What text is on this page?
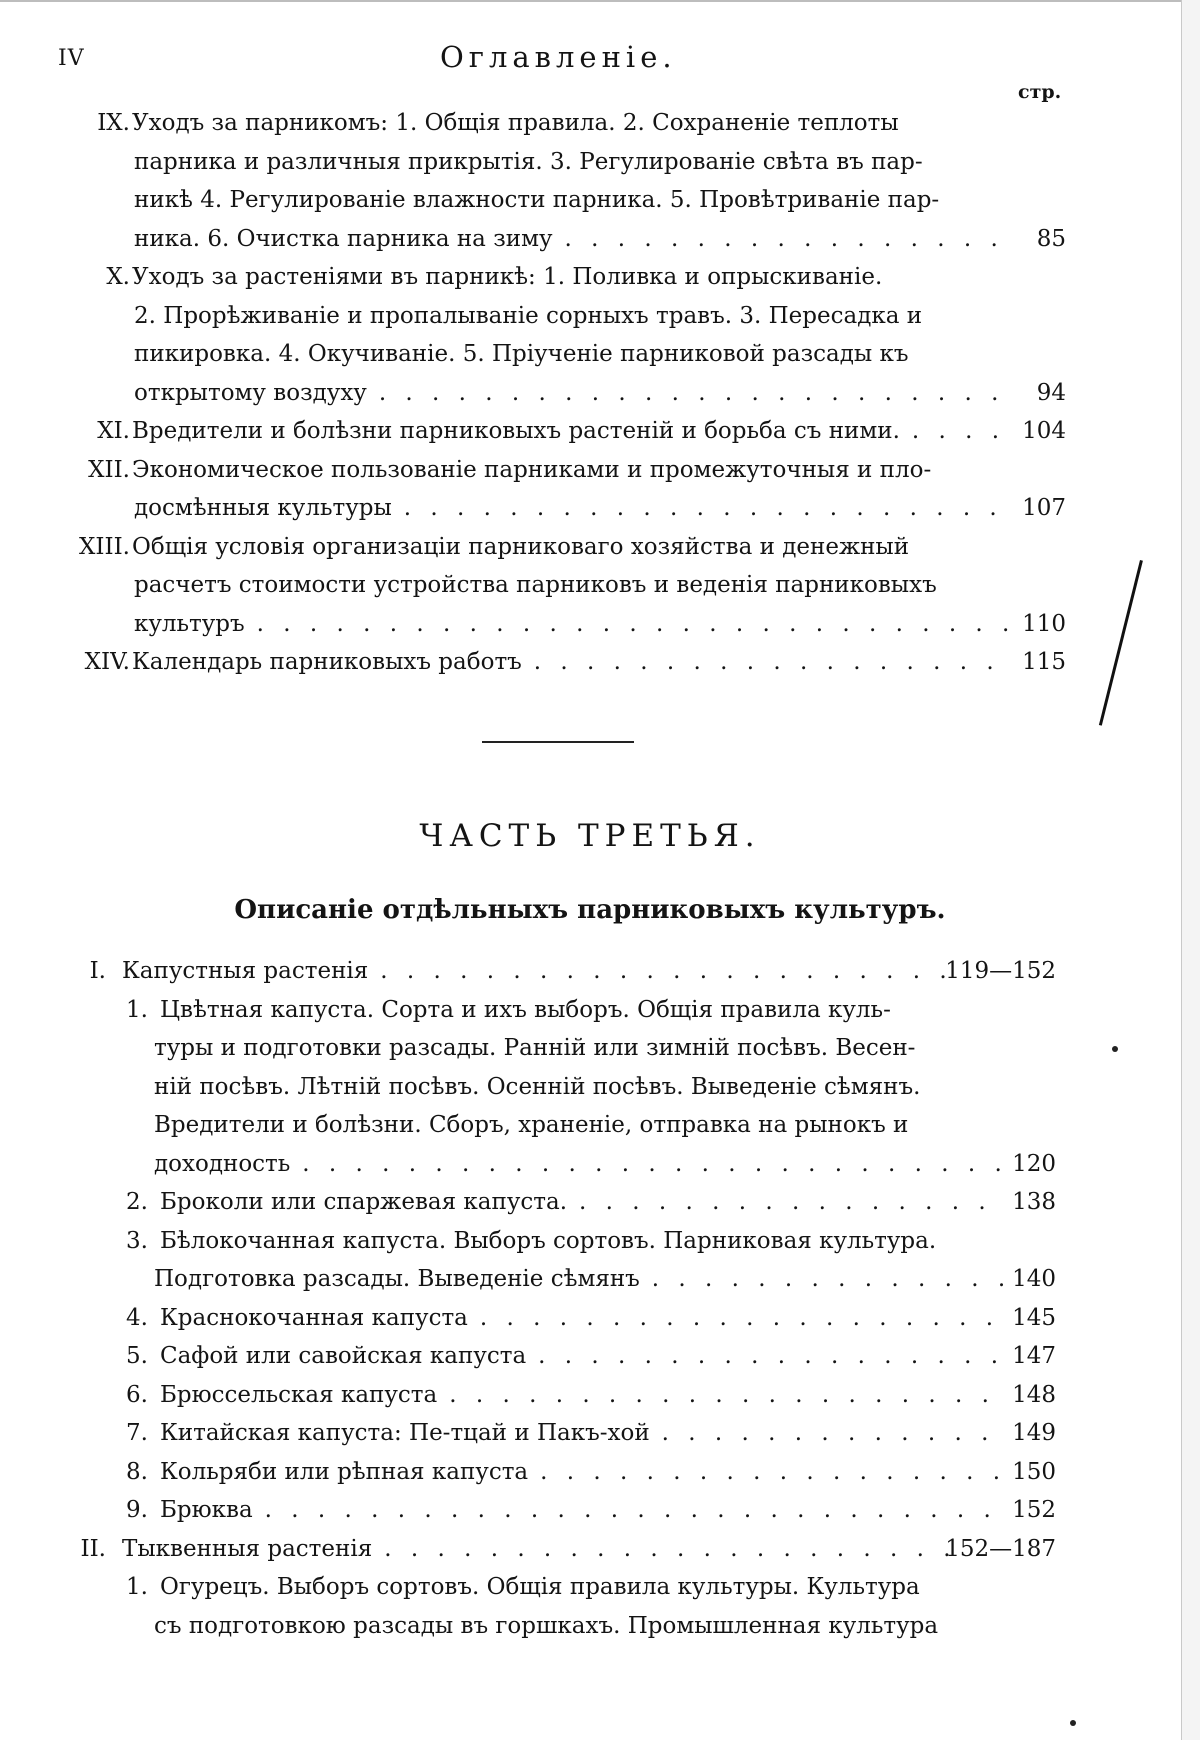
IV	Оглавленіе.
стр.
IX. Уходъ за парникомъ: 1. Общія правила. 2. Сохраненіе теплоты
парника и различныя прикрытія. 3. Регулированіе свѣта въ пар-
никѣ 4. Регулированіе влажности парника. 5. Провѣтриваніе пар-
ника. 6. Очистка парника на зиму . . .	85
X. Уходъ за растеніями въ парникѣ: 1. Поливка и опрыскиваніе.
2. Прорѣживаніе и пропалываніе сорныхъ травъ. 3. Пересадка и
пикировка. 4. Окучиваніе. 5. Пріученіе парниковой разсады къ
открытому воздуху . . .	94
XI. Вредители и болѣзни парниковыхъ растеній и борьба съ ними. . . .	104
XII. Экономическое пользованіе парниками и промежуточныя и пло-
досмѣнныя культуры . . .	107
XIII. Общія условія организаціи парниковаго хозяйства и денежный
расчетъ стоимости устройства парниковъ и веденія парниковыхъ
культуръ . . .	110
XIV. Календарь парниковыхъ работъ . . .	115
ЧАСТЬ ТРЕТЬЯ.
Описаніе отдѣльныхъ парниковыхъ культуръ.
I. Капустныя растенія . . .	119—152
1. Цвѣтная капуста. Сорта и ихъ выборъ. Общія правила куль-
туры и подготовки разсады. Ранній или зимній посѣвъ. Весен-
ній посѣвъ. Лѣтній посѣвъ. Осенній посѣвъ. Выведеніе сѣмянъ.
Вредители и болѣзни. Сборъ, храненіе, отправка на рынокъ и
доходность . . .	120
2. Броколи или спаржевая капуста. . . .	138
3. Бѣлокочанная капуста. Выборъ сортовъ. Парниковая культура.
Подготовка разсады. Выведеніе сѣмянъ . . .	140
4. Краснокочанная капуста . . .	145
5. Сафой или савойская капуста . . .	147
6. Брюссельская капуста . . .	148
7. Китайская капуста: Пе-тцай и Пакъ-хой . . .	149
8. Кольряби или рѣпная капуста . . .	150
9. Брюква . . .	152
II. Тыквенныя растенія . . .	152—187
1. Огурецъ. Выборъ сортовъ. Общія правила культуры. Культура
съ подготовкою разсады въ горшкахъ. Промышленная культура
